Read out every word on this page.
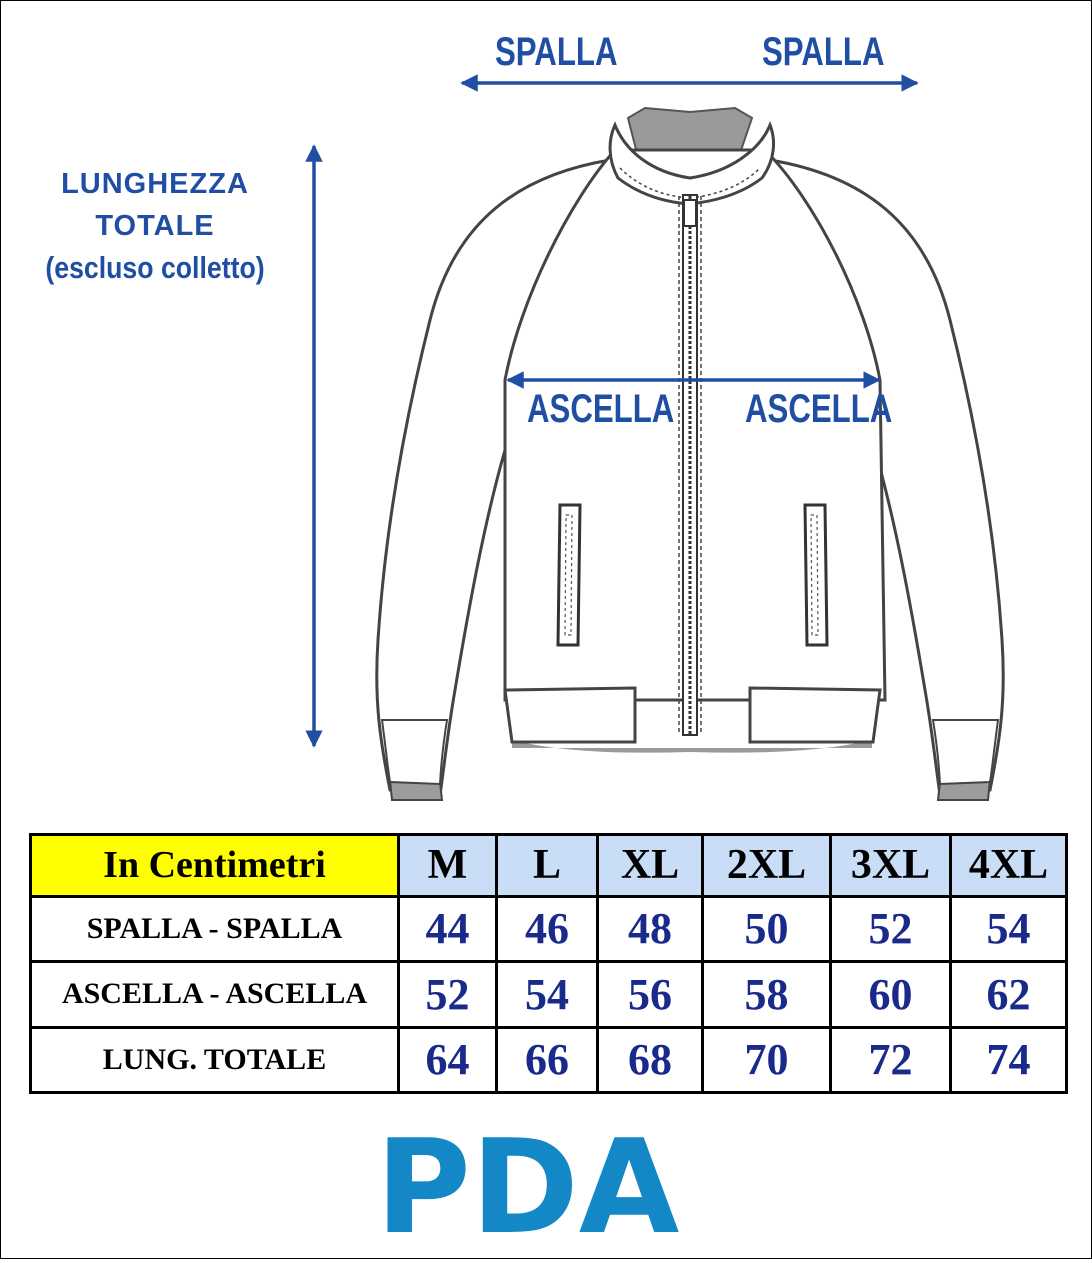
LUNGHEZZA
TOTALE
(escluso colletto)
SPALLA	SPALLA
ASCELLA ASCELLA
In Centimetri	M	L	XL	2XL	3XL	4XL
SPALLA - SPALLA	44	46	48	50	52	54
ASCELLA - ASCELLA	52	54	56	58	60	62
LUNG. TOTALE	64	66	68	70	72	74
PDA
